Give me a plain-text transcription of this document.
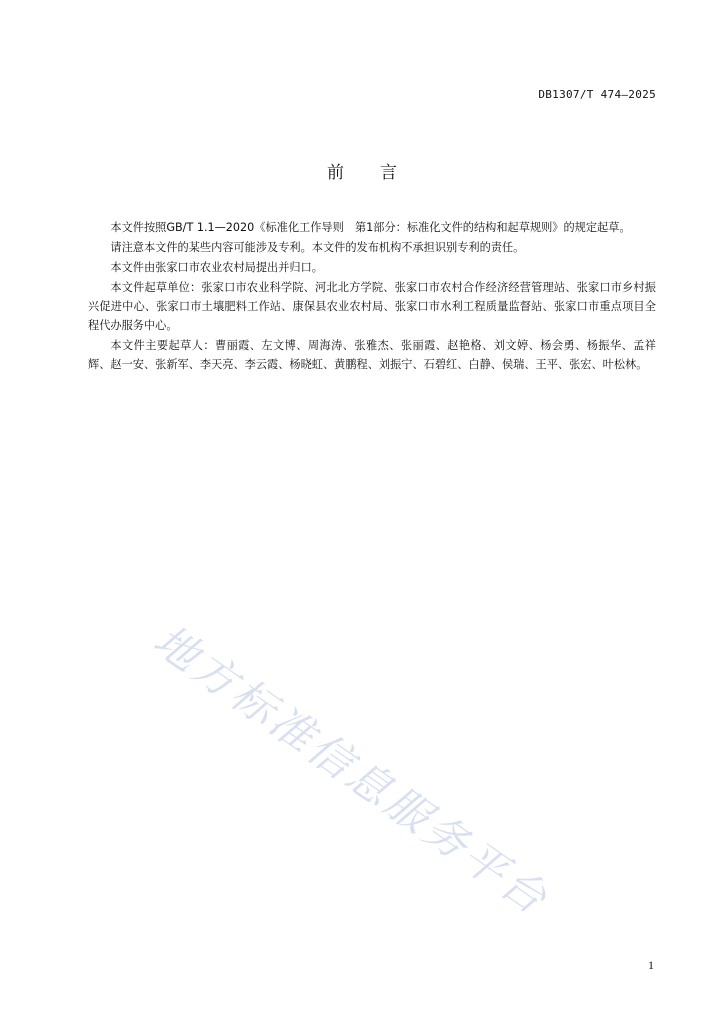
DB1307/T 474—2025
前言

本文件按照GB/T 1.1—2020《标准化工作导则　第1部分：标准化文件的结构和起草规则》的规定起草。

请注意本文件的某些内容可能涉及专利。本文件的发布机构不承担识别专利的责任。

本文件由张家口市农业农村局提出并归口。

本文件起草单位：张家口市农业科学院、河北北方学院、张家口市农村合作经济经营管理站、张家口市乡村振兴促进中心、张家口市土壤肥料工作站、康保县农业农村局、张家口市水利工程质量监督站、张家口市重点项目全程代办服务中心。

本文件主要起草人：曹丽霞、左文博、周海涛、张雅杰、张丽霞、赵艳格、刘文婷、杨会勇、杨振华、孟祥辉、赵一安、张新军、李天亮、李云霞、杨晓虹、黄鹏程、刘振宁、石碧红、白静、侯瑞、王平、张宏、叶松林。

地方标准信息服务平台
1
